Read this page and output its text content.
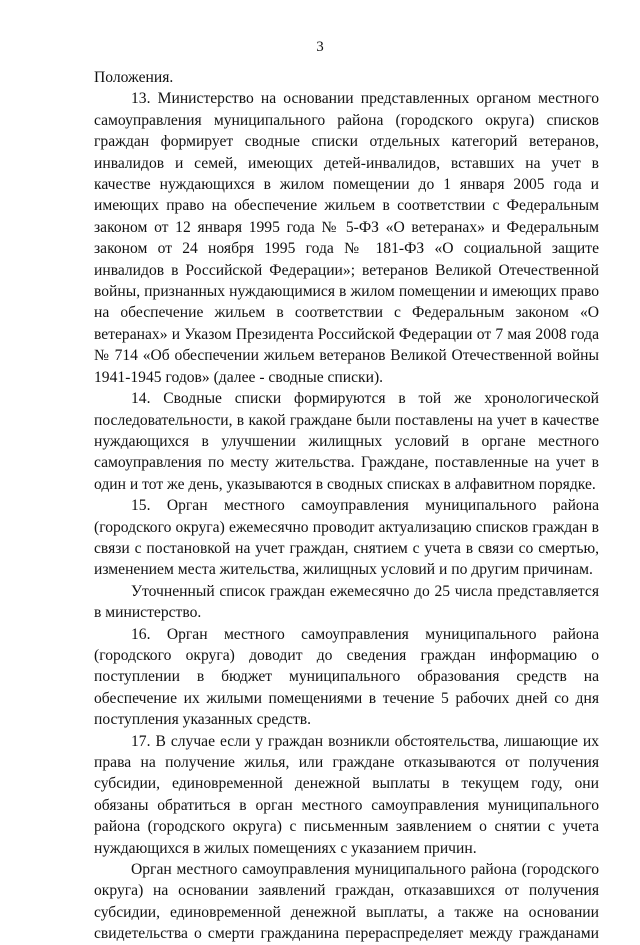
3

Положения.

13. Министерство на основании представленных органом местного самоуправления муниципального района (городского округа) списков граждан формирует сводные списки отдельных категорий ветеранов, инвалидов и семей, имеющих детей-инвалидов, вставших на учет в качестве нуждающихся в жилом помещении до 1 января 2005 года и имеющих право на обеспечение жильем в соответствии с Федеральным законом от 12 января 1995 года № 5-ФЗ «О ветеранах» и Федеральным законом от 24 ноября 1995 года № 181-ФЗ «О социальной защите инвалидов в Российской Федерации»; ветеранов Великой Отечественной войны, признанных нуждающимися в жилом помещении и имеющих право на обеспечение жильем в соответствии с Федеральным законом «О ветеранах» и Указом Президента Российской Федерации от 7 мая 2008 года № 714 «Об обеспечении жильем ветеранов Великой Отечественной войны 1941-1945 годов» (далее - сводные списки).

14. Сводные списки формируются в той же хронологической последовательности, в какой граждане были поставлены на учет в качестве нуждающихся в улучшении жилищных условий в органе местного самоуправления по месту жительства. Граждане, поставленные на учет в один и тот же день, указываются в сводных списках в алфавитном порядке.

15. Орган местного самоуправления муниципального района (городского округа) ежемесячно проводит актуализацию списков граждан в связи с постановкой на учет граждан, снятием с учета в связи со смертью, изменением места жительства, жилищных условий и по другим причинам.

Уточненный список граждан ежемесячно до 25 числа представляется в министерство.

16. Орган местного самоуправления муниципального района (городского округа) доводит до сведения граждан информацию о поступлении в бюджет муниципального образования средств на обеспечение их жилыми помещениями в течение 5 рабочих дней со дня поступления указанных средств.

17. В случае если у граждан возникли обстоятельства, лишающие их права на получение жилья, или граждане отказываются от получения субсидии, единовременной денежной выплаты в текущем году, они обязаны обратиться в орган местного самоуправления муниципального района (городского округа) с письменным заявлением о снятии с учета нуждающихся в жилых помещениях с указанием причин.

Орган местного самоуправления муниципального района (городского округа) на основании заявлений граждан, отказавшихся от получения субсидии, единовременной денежной выплаты, а также на основании свидетельства о смерти гражданина перераспределяет между гражданами
